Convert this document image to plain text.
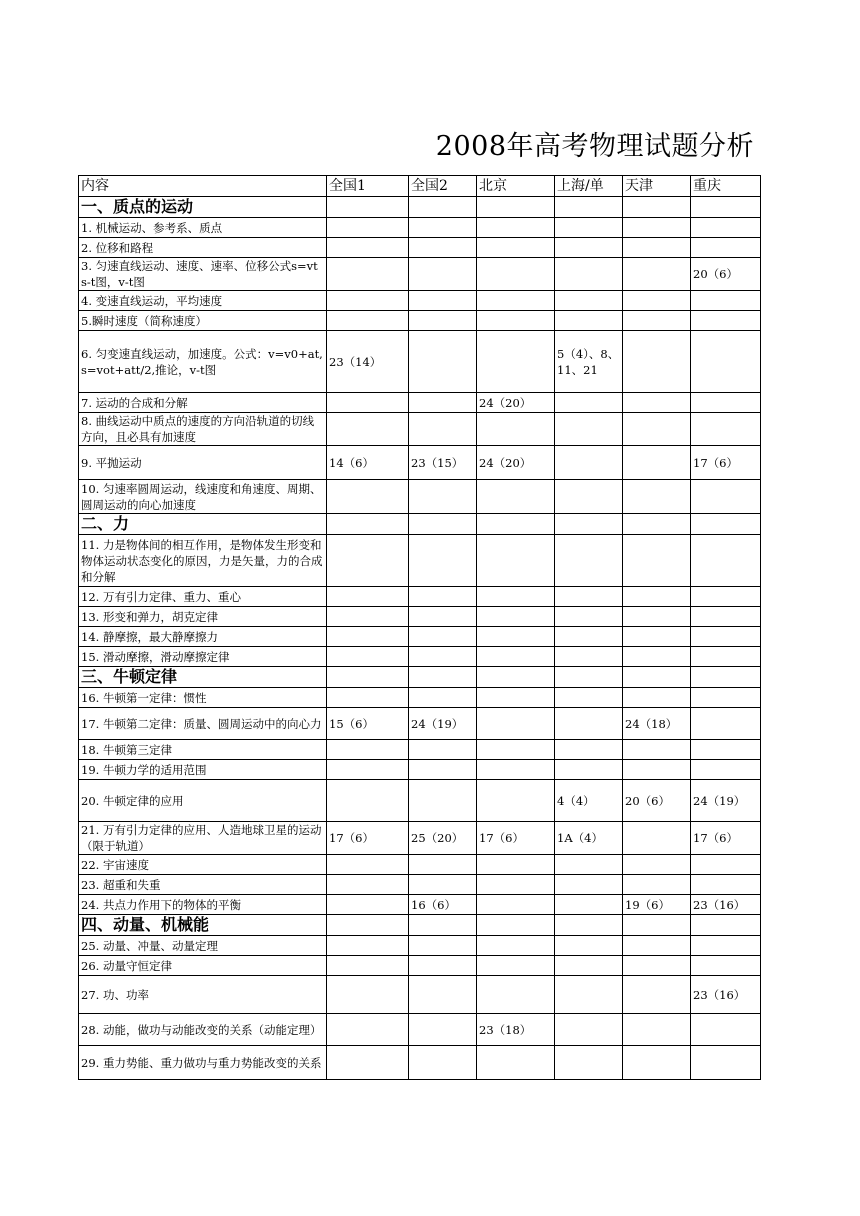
2008年高考物理试题分析
内容	全国1	全国2	北京	上海/单	天津	重庆
一、质点的运动						
1. 机械运动、参考系、质点						
2. 位移和路程						
3. 匀速直线运动、速度、速率、位移公式s=vt s-t图，v-t图						20（6）
4. 变速直线运动，平均速度						
5.瞬时速度（简称速度）						
6. 匀变速直线运动，加速度。公式：v=v0+at,s=vot+att/2,推论，v-t图	23（14）			5（4）、8、11、21		
7. 运动的合成和分解			24（20）			
8. 曲线运动中质点的速度的方向沿轨道的切线方向，且必具有加速度						
9. 平抛运动	14（6）	23（15）	24（20）			17（6）
10. 匀速率圆周运动，线速度和角速度、周期、圆周运动的向心加速度						
二、力						
11. 力是物体间的相互作用，是物体发生形变和物体运动状态变化的原因，力是矢量，力的合成和分解						
12. 万有引力定律、重力、重心						
13. 形变和弹力，胡克定律						
14. 静摩擦，最大静摩擦力						
15. 滑动摩擦，滑动摩擦定律						
三、牛顿定律						
16. 牛顿第一定律：惯性						
17. 牛顿第二定律：质量、圆周运动中的向心力	15（6）	24（19）			24（18）	
18. 牛顿第三定律						
19. 牛顿力学的适用范围						
20. 牛顿定律的应用				4（4）	20（6）	24（19）
21. 万有引力定律的应用、人造地球卫星的运动（限于轨道）	17（6）	25（20）	17（6）	1A（4）		17（6）
22. 宇宙速度						
23. 超重和失重						
24. 共点力作用下的物体的平衡		16（6）			19（6）	23（16）
四、动量、机械能						
25. 动量、冲量、动量定理						
26. 动量守恒定律						
27. 功、功率						23（16）
28. 动能，做功与动能改变的关系（动能定理）			23（18）			
29. 重力势能、重力做功与重力势能改变的关系						
